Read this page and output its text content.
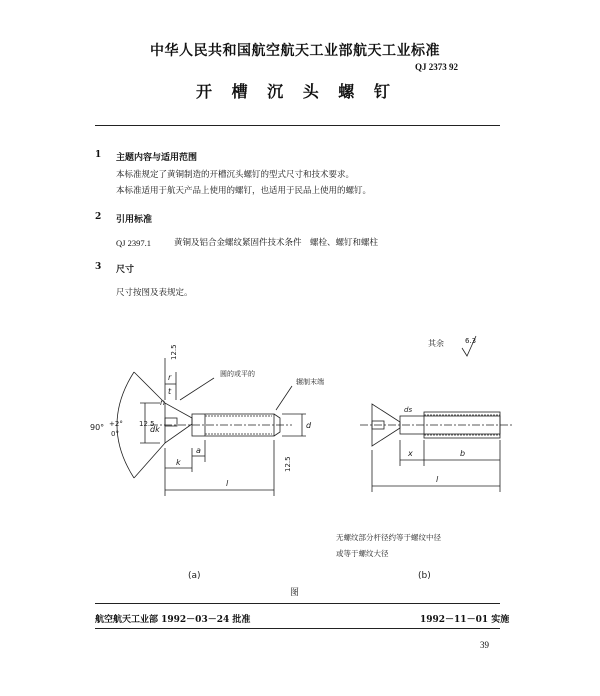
中华人民共和国航空航天工业部航天工业标准
QJ 2373 92
开 槽 沉 头 螺 钉
1 主题内容与适用范围
本标准规定了黄铜制造的开槽沉头螺钉的型式尺寸和技术要求。
本标准适用于航天产品上使用的螺钉，也适用于民品上使用的螺钉。
2 引用标准
QJ 2397.1	黄铜及铝合金螺纹紧固件技术条件　螺栓、螺钉和螺柱
3 尺寸
尺寸按图及表规定。
其余	6.3
圆的或平的
辗制末端
90° +2°
0°
12.5
12.5
12.5
r
t
n
dk
k
a
d
l
x	b
l
ds
无螺纹部分杆径约等于螺纹中径
或等于螺纹大径
(a)	(b)
图
航空航天工业部 1992－03－24 批准	1992－11－01 实施
39
